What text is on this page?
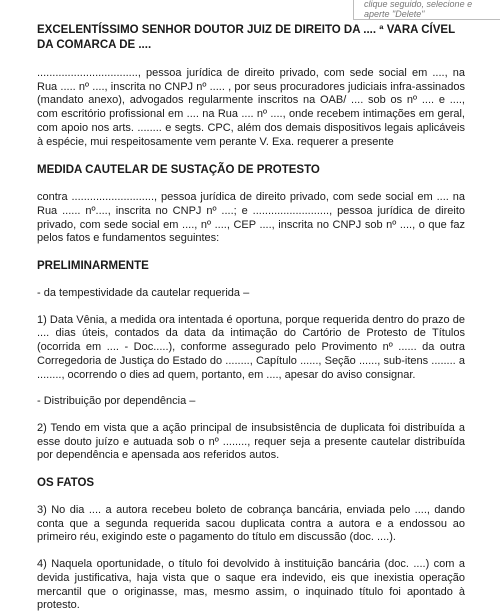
clique seguido, selecione e
aperte "Delete"

EXCELENTÍSSIMO SENHOR DOUTOR JUIZ DE DIREITO DA .... ª VARA CÍVEL DA COMARCA DE ....

................................., pessoa jurídica de direito privado, com sede social em ...., na Rua ..... nº ...., inscrita no CNPJ nº ..... , por seus procuradores judiciais infra-assinados (mandato anexo), advogados regularmente inscritos na OAB/ .... sob os nº .... e ...., com escritório profissional em .... na Rua .... nº ...., onde recebem intimações em geral, com apoio nos arts. ........ e segts. CPC, além dos demais dispositivos legais aplicáveis à espécie, mui respeitosamente vem perante V. Exa. requerer a presente

MEDIDA CAUTELAR DE SUSTAÇÃO DE PROTESTO

contra ..........................., pessoa jurídica de direito privado, com sede social em .... na Rua ...... nº...., inscrita no CNPJ nº ....; e ........................., pessoa jurídica de direito privado, com sede social em ...., nº ...., CEP ...., inscrita no CNPJ sob nº ...., o que faz pelos fatos e fundamentos seguintes:

PRELIMINARMENTE

- da tempestividade da cautelar requerida –

1) Data Vênia, a medida ora intentada é oportuna, porque requerida dentro do prazo de .... dias úteis, contados da data da intimação do Cartório de Protesto de Títulos (ocorrida em .... - Doc.....), conforme assegurado pelo Provimento nº ...... da outra Corregedoria de Justiça do Estado do ........, Capítulo ......, Seção ......, sub-itens ........ a ........, ocorrendo o dies ad quem, portanto, em ...., apesar do aviso consignar.

- Distribuição por dependência –

2) Tendo em vista que a ação principal de insubsistência de duplicata foi distribuída a esse douto juízo e autuada sob o nº ........, requer seja a presente cautelar distribuída por dependência e apensada aos referidos autos.

OS FATOS

3) No dia .... a autora recebeu boleto de cobrança bancária, enviada pelo ...., dando conta que a segunda requerida sacou duplicata contra a autora e a endossou ao primeiro réu, exigindo este o pagamento do título em discussão (doc. ....).

4) Naquela oportunidade, o título foi devolvido à instituição bancária (doc. ....) com a devida justificativa, haja vista que o saque era indevido, eis que inexistia operação mercantil que o originasse, mas, mesmo assim, o inquinado título foi apontado à protesto.
